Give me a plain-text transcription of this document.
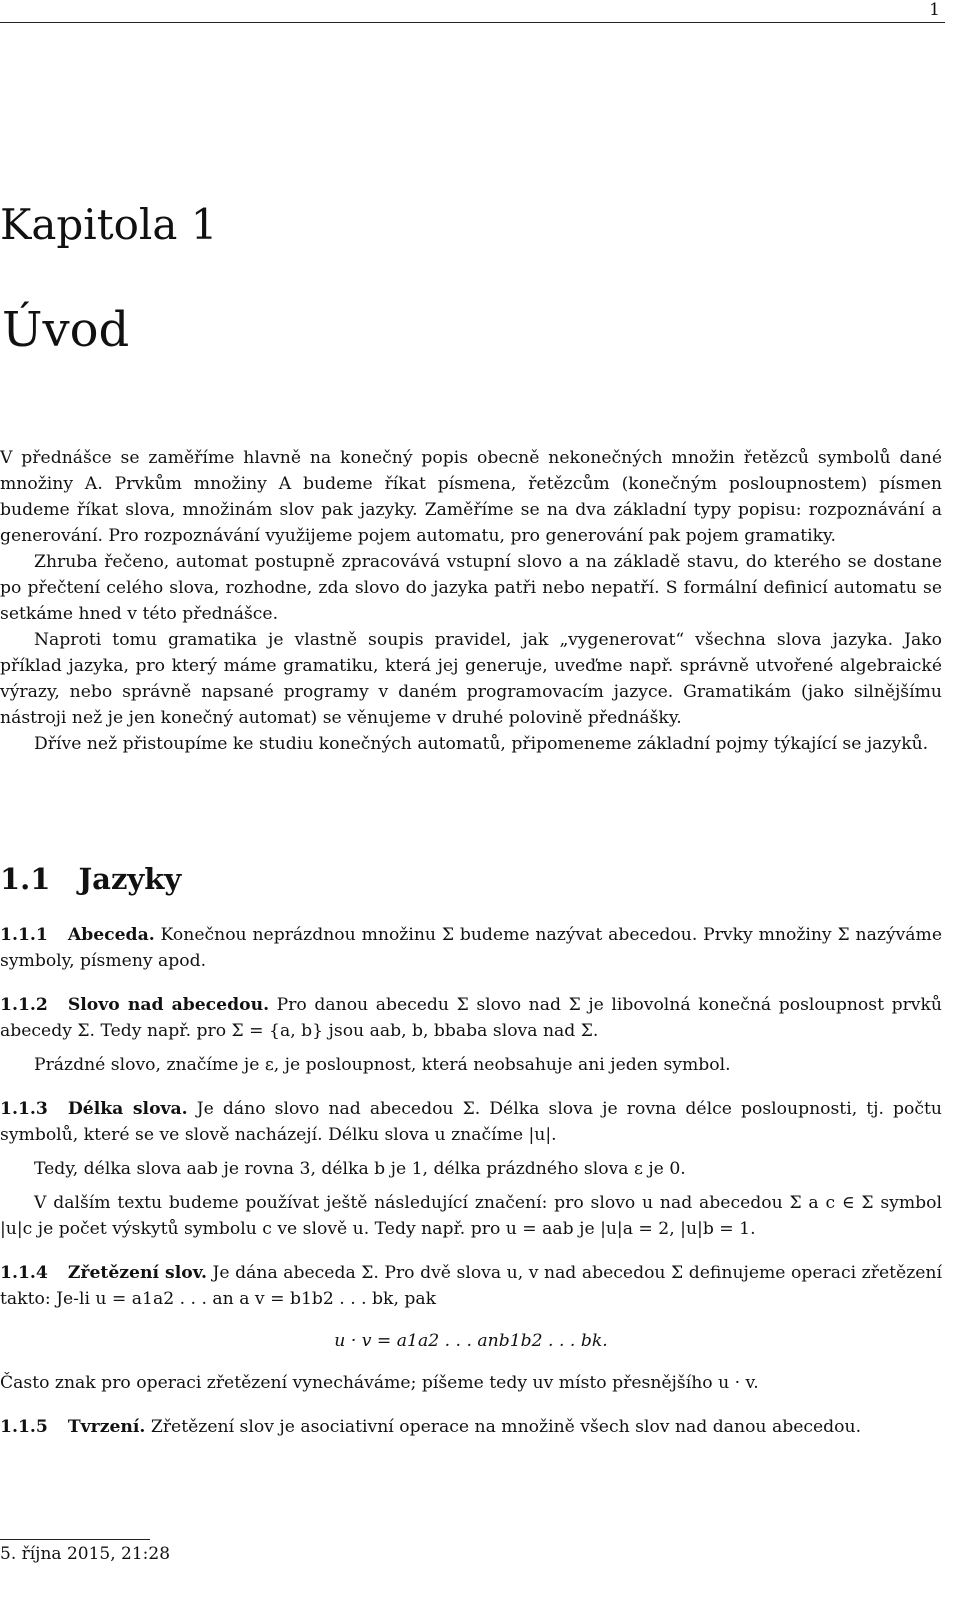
1
Kapitola 1
Úvod

V přednášce se zaměříme hlavně na konečný popis obecně nekonečných množin řetězců symbolů dané množiny A. Prvkům množiny A budeme říkat písmena, řetězcům (konečným posloupnostem) písmen budeme říkat slova, množinám slov pak jazyky. Zaměříme se na dva základní typy popisu: rozpoznávání a generování. Pro rozpoznávání využijeme pojem automatu, pro generování pak pojem gramatiky.

Zhruba řečeno, automat postupně zpracovává vstupní slovo a na základě stavu, do kterého se dostane po přečtení celého slova, rozhodne, zda slovo do jazyka patři nebo nepatří. S formální definicí automatu se setkáme hned v této přednášce.

Naproti tomu gramatika je vlastně soupis pravidel, jak „vygenerovat“ všechna slova jazyka. Jako příklad jazyka, pro který máme gramatiku, která jej generuje, uveďme např. správně utvořené algebraické výrazy, nebo správně napsané programy v daném programovacím jazyce. Gramatikám (jako silnějšímu nástroji než je jen konečný automat) se věnujeme v druhé polovině přednášky.

Dříve než přistoupíme ke studiu konečných automatů, připomeneme základní pojmy týkající se jazyků.

1.1 Jazyky

1.1.1 Abeceda. Konečnou neprázdnou množinu Σ budeme nazývat abecedou. Prvky množiny Σ nazýváme symboly, písmeny apod.

1.1.2 Slovo nad abecedou. Pro danou abecedu Σ slovo nad Σ je libovolná konečná posloupnost prvků abecedy Σ. Tedy např. pro Σ = {a, b} jsou aab, b, bbaba slova nad Σ.

Prázdné slovo, značíme je ε, je posloupnost, která neobsahuje ani jeden symbol.

1.1.3 Délka slova. Je dáno slovo nad abecedou Σ. Délka slova je rovna délce posloupnosti, tj. počtu symbolů, které se ve slově nacházejí. Délku slova u značíme |u|.

Tedy, délka slova aab je rovna 3, délka b je 1, délka prázdného slova ε je 0.

V dalším textu budeme používat ještě následující značení: pro slovo u nad abecedou Σ a c ∈ Σ symbol |u|c je počet výskytů symbolu c ve slově u. Tedy např. pro u = aab je |u|a = 2, |u|b = 1.

1.1.4 Zřetězení slov. Je dána abeceda Σ. Pro dvě slova u, v nad abecedou Σ definujeme operaci zřetězení takto: Je-li u = a1a2 . . . an a v = b1b2 . . . bk, pak

u · v = a1a2 . . . anb1b2 . . . bk.

Často znak pro operaci zřetězení vynecháváme; píšeme tedy uv místo přesnějšího u · v.

1.1.5 Tvrzení. Zřetězení slov je asociativní operace na množině všech slov nad danou abecedou.

5. října 2015, 21:28
